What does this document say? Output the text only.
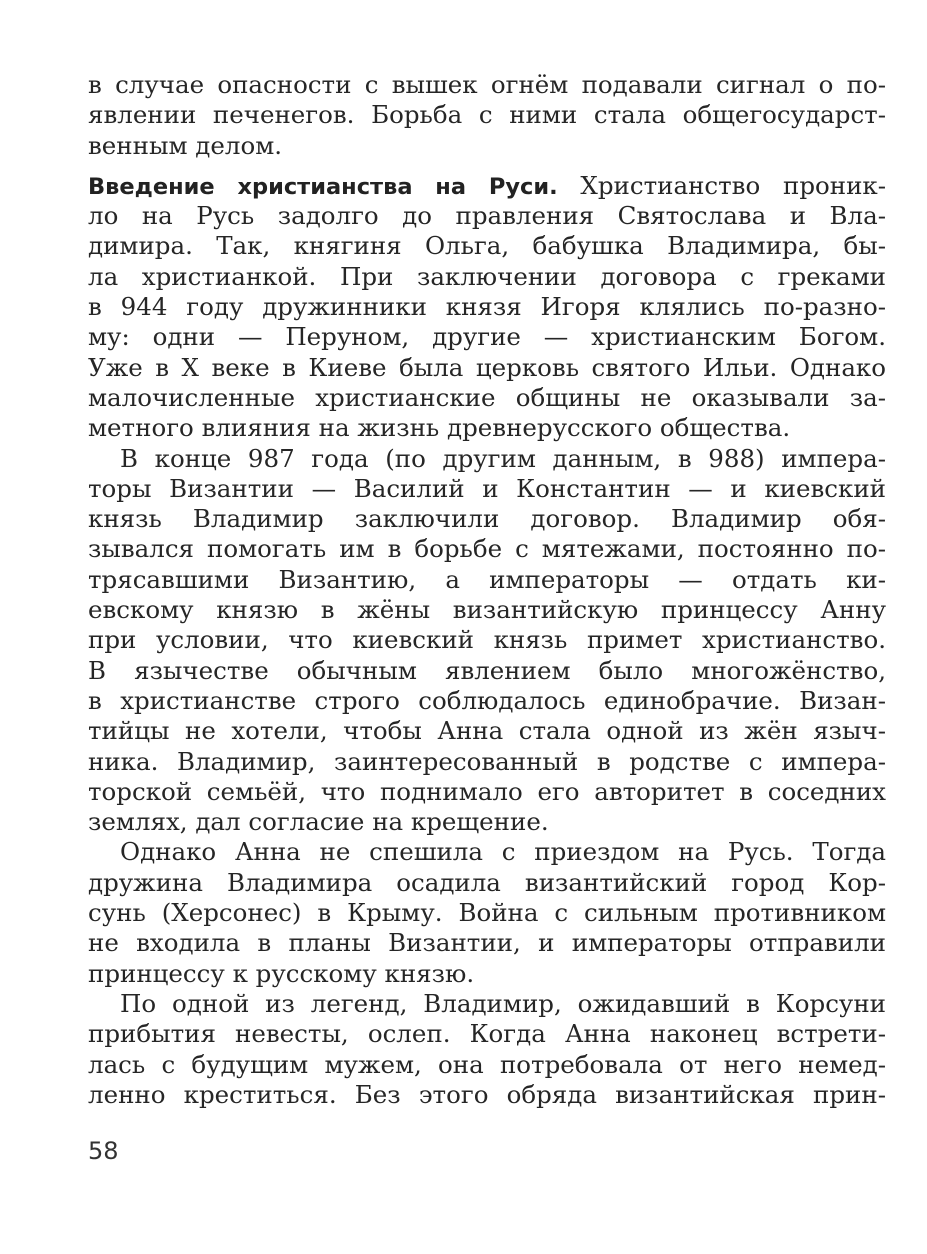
в случае опасности с вышек огнём подавали сигнал о по-
явлении печенегов. Борьба с ними стала общегосударст-
венным делом.
Введение христианства на Руси. Христианство проник-
ло на Русь задолго до правления Святослава и Вла-
димира. Так, княгиня Ольга, бабушка Владимира, бы-
ла христианкой. При заключении договора с греками
в 944 году дружинники князя Игоря клялись по-разно-
му: одни — Перуном, другие — христианским Богом.
Уже в X веке в Киеве была церковь святого Ильи. Однако
малочисленные христианские общины не оказывали за-
метного влияния на жизнь древнерусского общества.
В конце 987 года (по другим данным, в 988) импера-
торы Византии — Василий и Константин — и киевский
князь Владимир заключили договор. Владимир обя-
зывался помогать им в борьбе с мятежами, постоянно по-
трясавшими Византию, а императоры — отдать ки-
евскому князю в жёны византийскую принцессу Анну
при условии, что киевский князь примет христианство.
В язычестве обычным явлением было многожёнство,
в христианстве строго соблюдалось единобрачие. Визан-
тийцы не хотели, чтобы Анна стала одной из жён языч-
ника. Владимир, заинтересованный в родстве с импера-
торской семьёй, что поднимало его авторитет в соседних
землях, дал согласие на крещение.
Однако Анна не спешила с приездом на Русь. Тогда
дружина Владимира осадила византийский город Кор-
сунь (Херсонес) в Крыму. Война с сильным противником
не входила в планы Византии, и императоры отправили
принцессу к русскому князю.
По одной из легенд, Владимир, ожидавший в Корсуни
прибытия невесты, ослеп. Когда Анна наконец встрети-
лась с будущим мужем, она потребовала от него немед-
ленно креститься. Без этого обряда византийская прин-
58
